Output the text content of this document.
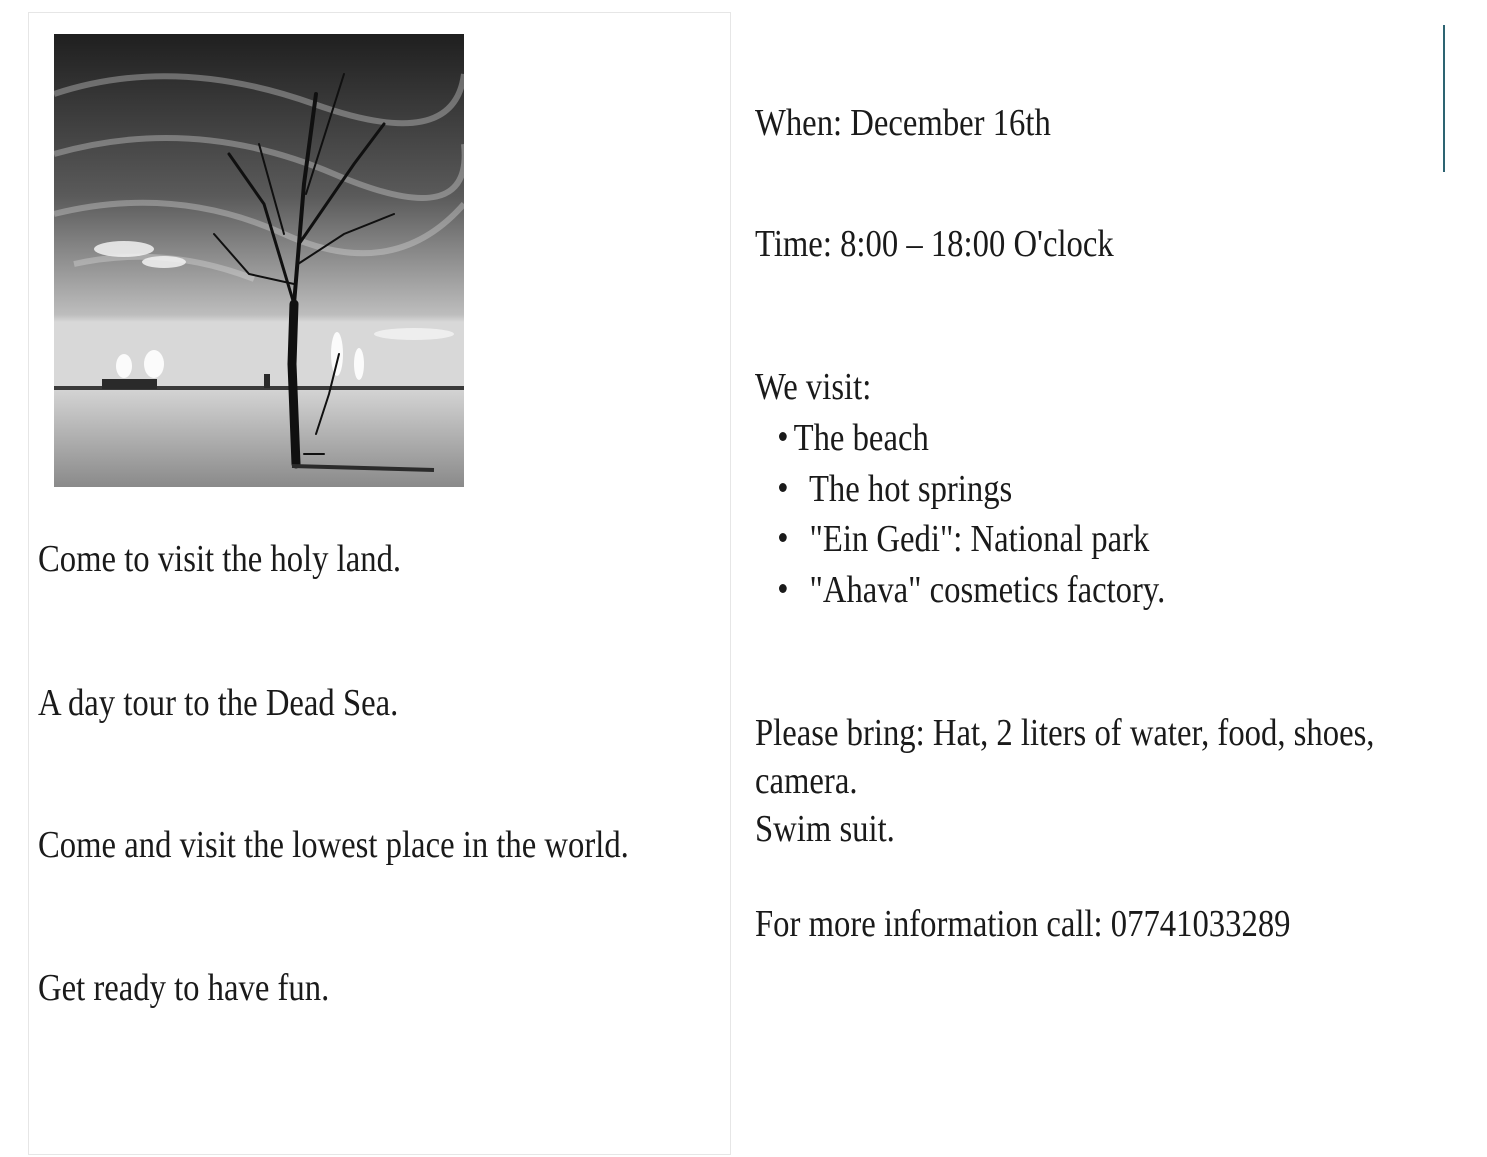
Come to visit the holy land.
A day tour to the Dead Sea.
Come and visit the lowest place in the world.
Get ready to have fun.
When: December 16th
Time: 8:00 – 18:00 O'clock
We visit:
The beach
The hot springs
"Ein Gedi": National park
"Ahava" cosmetics factory.
Please bring: Hat, 2 liters of water, food, shoes,
camera.
Swim suit.
For more information call: 07741033289
